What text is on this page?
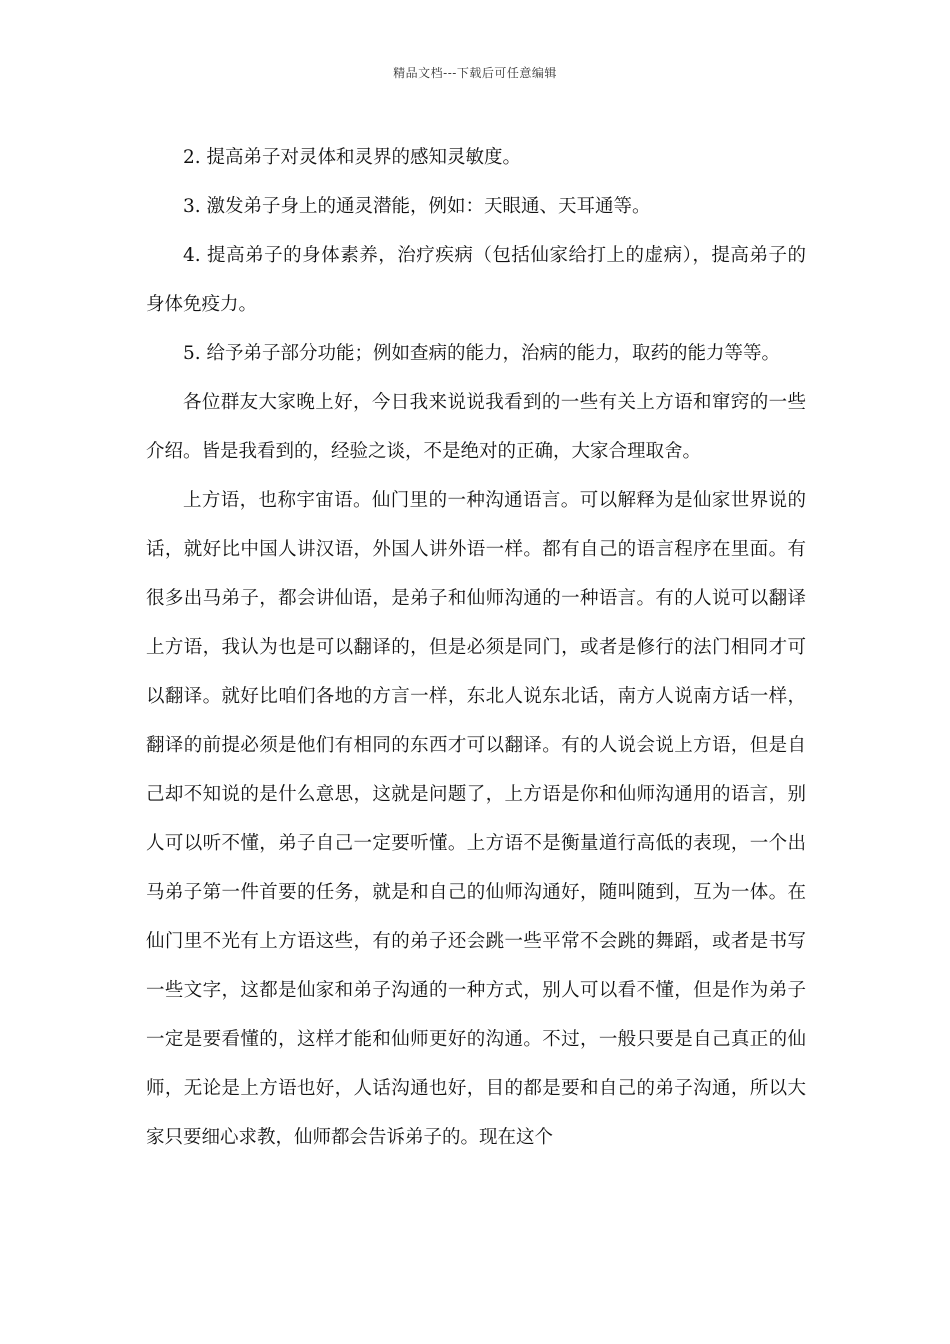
精品文档---下载后可任意编辑

2. 提高弟子对灵体和灵界的感知灵敏度。

3. 激发弟子身上的通灵潜能，例如：天眼通、天耳通等。

4. 提高弟子的身体素养，治疗疾病（包括仙家给打上的虚病），提高弟子的身体免疫力。

5. 给予弟子部分功能；例如查病的能力，治病的能力，取药的能力等等。

各位群友大家晚上好，今日我来说说我看到的一些有关上方语和窜窍的一些介绍。皆是我看到的，经验之谈，不是绝对的正确，大家合理取舍。

上方语，也称宇宙语。仙门里的一种沟通语言。可以解释为是仙家世界说的话，就好比中国人讲汉语，外国人讲外语一样。都有自己的语言程序在里面。有很多出马弟子，都会讲仙语，是弟子和仙师沟通的一种语言。有的人说可以翻译上方语，我认为也是可以翻译的，但是必须是同门，或者是修行的法门相同才可以翻译。就好比咱们各地的方言一样，东北人说东北话，南方人说南方话一样，翻译的前提必须是他们有相同的东西才可以翻译。有的人说会说上方语，但是自己却不知说的是什么意思，这就是问题了，上方语是你和仙师沟通用的语言，别人可以听不懂，弟子自己一定要听懂。上方语不是衡量道行高低的表现，一个出马弟子第一件首要的任务，就是和自己的仙师沟通好，随叫随到，互为一体。在仙门里不光有上方语这些，有的弟子还会跳一些平常不会跳的舞蹈，或者是书写一些文字，这都是仙家和弟子沟通的一种方式，别人可以看不懂，但是作为弟子一定是要看懂的，这样才能和仙师更好的沟通。不过，一般只要是自己真正的仙师，无论是上方语也好，人话沟通也好，目的都是要和自己的弟子沟通，所以大家只要细心求教，仙师都会告诉弟子的。现在这个
